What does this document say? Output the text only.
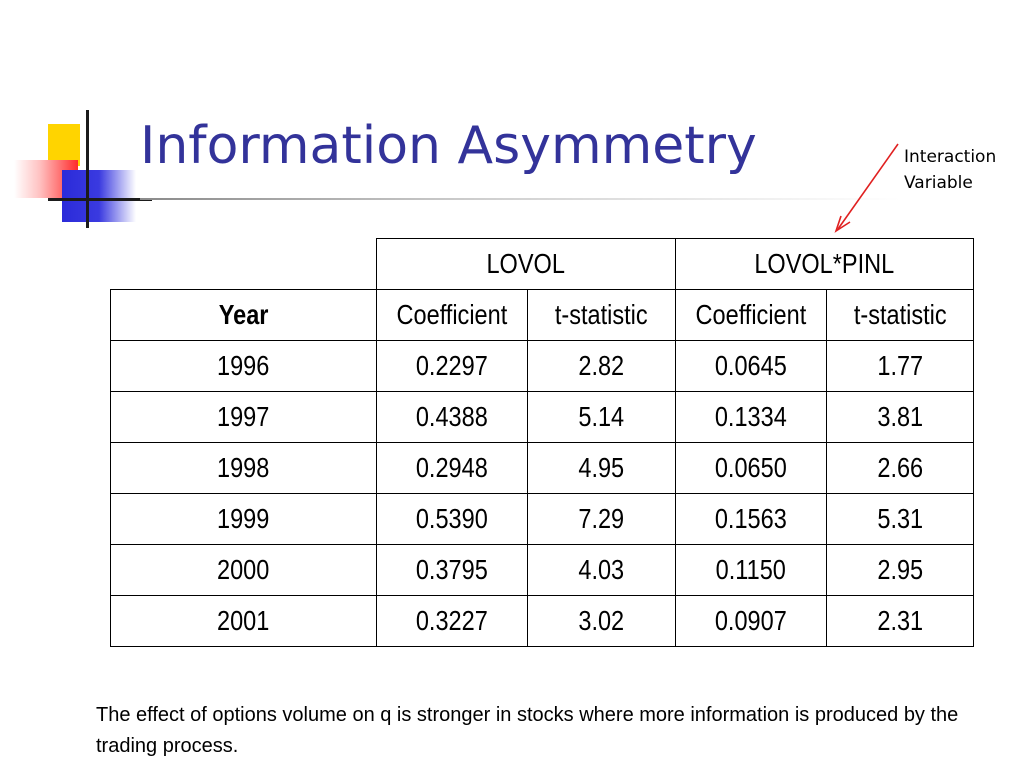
Information Asymmetry	Interaction
Variable
	LOVOL		LOVOL*PINL	
Year	Coefficient	t-statistic	Coefficient	t-statistic
1996	0.2297	2.82	0.0645	1.77
1997	0.4388	5.14	0.1334	3.81
1998	0.2948	4.95	0.0650	2.66
1999	0.5390	7.29	0.1563	5.31
2000	0.3795	4.03	0.1150	2.95
2001	0.3227	3.02	0.0907	2.31

The effect of options volume on q is stronger in stocks where more information is produced by the trading process.
